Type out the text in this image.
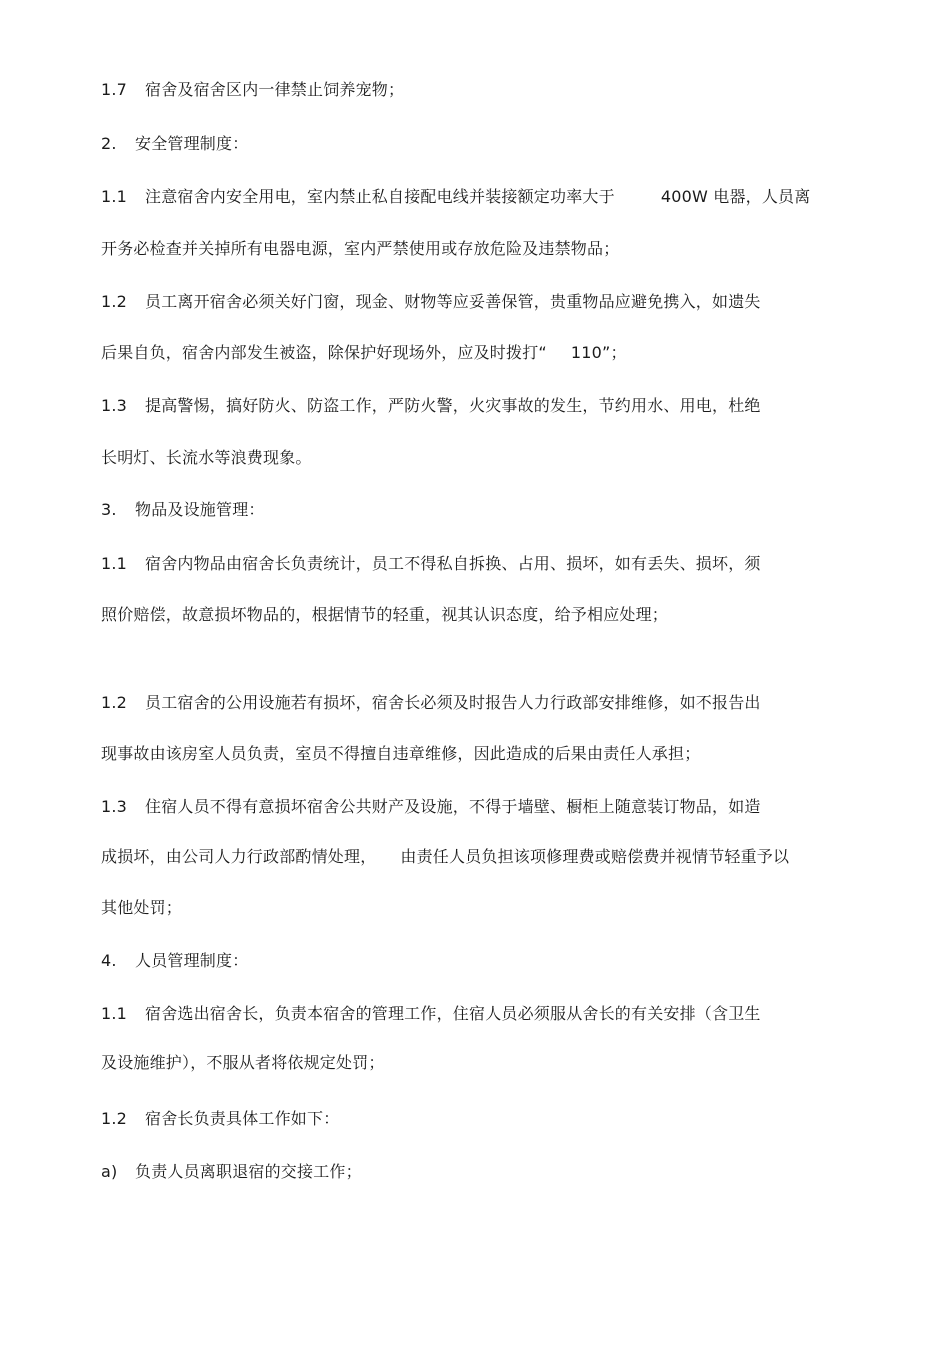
1.7 宿舍及宿舍区内一律禁止饲养宠物；
2. 安全管理制度：
1.1 注意宿舍内安全用电，室内禁止私自接配电线并装接额定功率大于	400W 电器，人员离
开务必检查并关掉所有电器电源，室内严禁使用或存放危险及违禁物品；
1.2 员工离开宿舍必须关好门窗，现金、财物等应妥善保管，贵重物品应避免携入，如遗失
后果自负，宿舍内部发生被盗，除保护好现场外，应及时拨打“ 110”；
1.3 提高警惕，搞好防火、防盗工作，严防火警，火灾事故的发生，节约用水、用电，杜绝
长明灯、长流水等浪费现象。
3. 物品及设施管理：
1.1 宿舍内物品由宿舍长负责统计，员工不得私自拆换、占用、损坏，如有丢失、损坏，须
照价赔偿，故意损坏物品的，根据情节的轻重，视其认识态度，给予相应处理；
1.2 员工宿舍的公用设施若有损坏，宿舍长必须及时报告人力行政部安排维修，如不报告出
现事故由该房室人员负责，室员不得擅自违章维修，因此造成的后果由责任人承担；
1.3 住宿人员不得有意损坏宿舍公共财产及设施，不得于墙壁、橱柜上随意装订物品，如造
成损坏，由公司人力行政部酌情处理， 由责任人员负担该项修理费或赔偿费并视情节轻重予以
其他处罚；
4. 人员管理制度：
1.1 宿舍选出宿舍长，负责本宿舍的管理工作，住宿人员必须服从舍长的有关安排（含卫生
及设施维护），不服从者将依规定处罚；
1.2 宿舍长负责具体工作如下：
a) 负责人员离职退宿的交接工作；
